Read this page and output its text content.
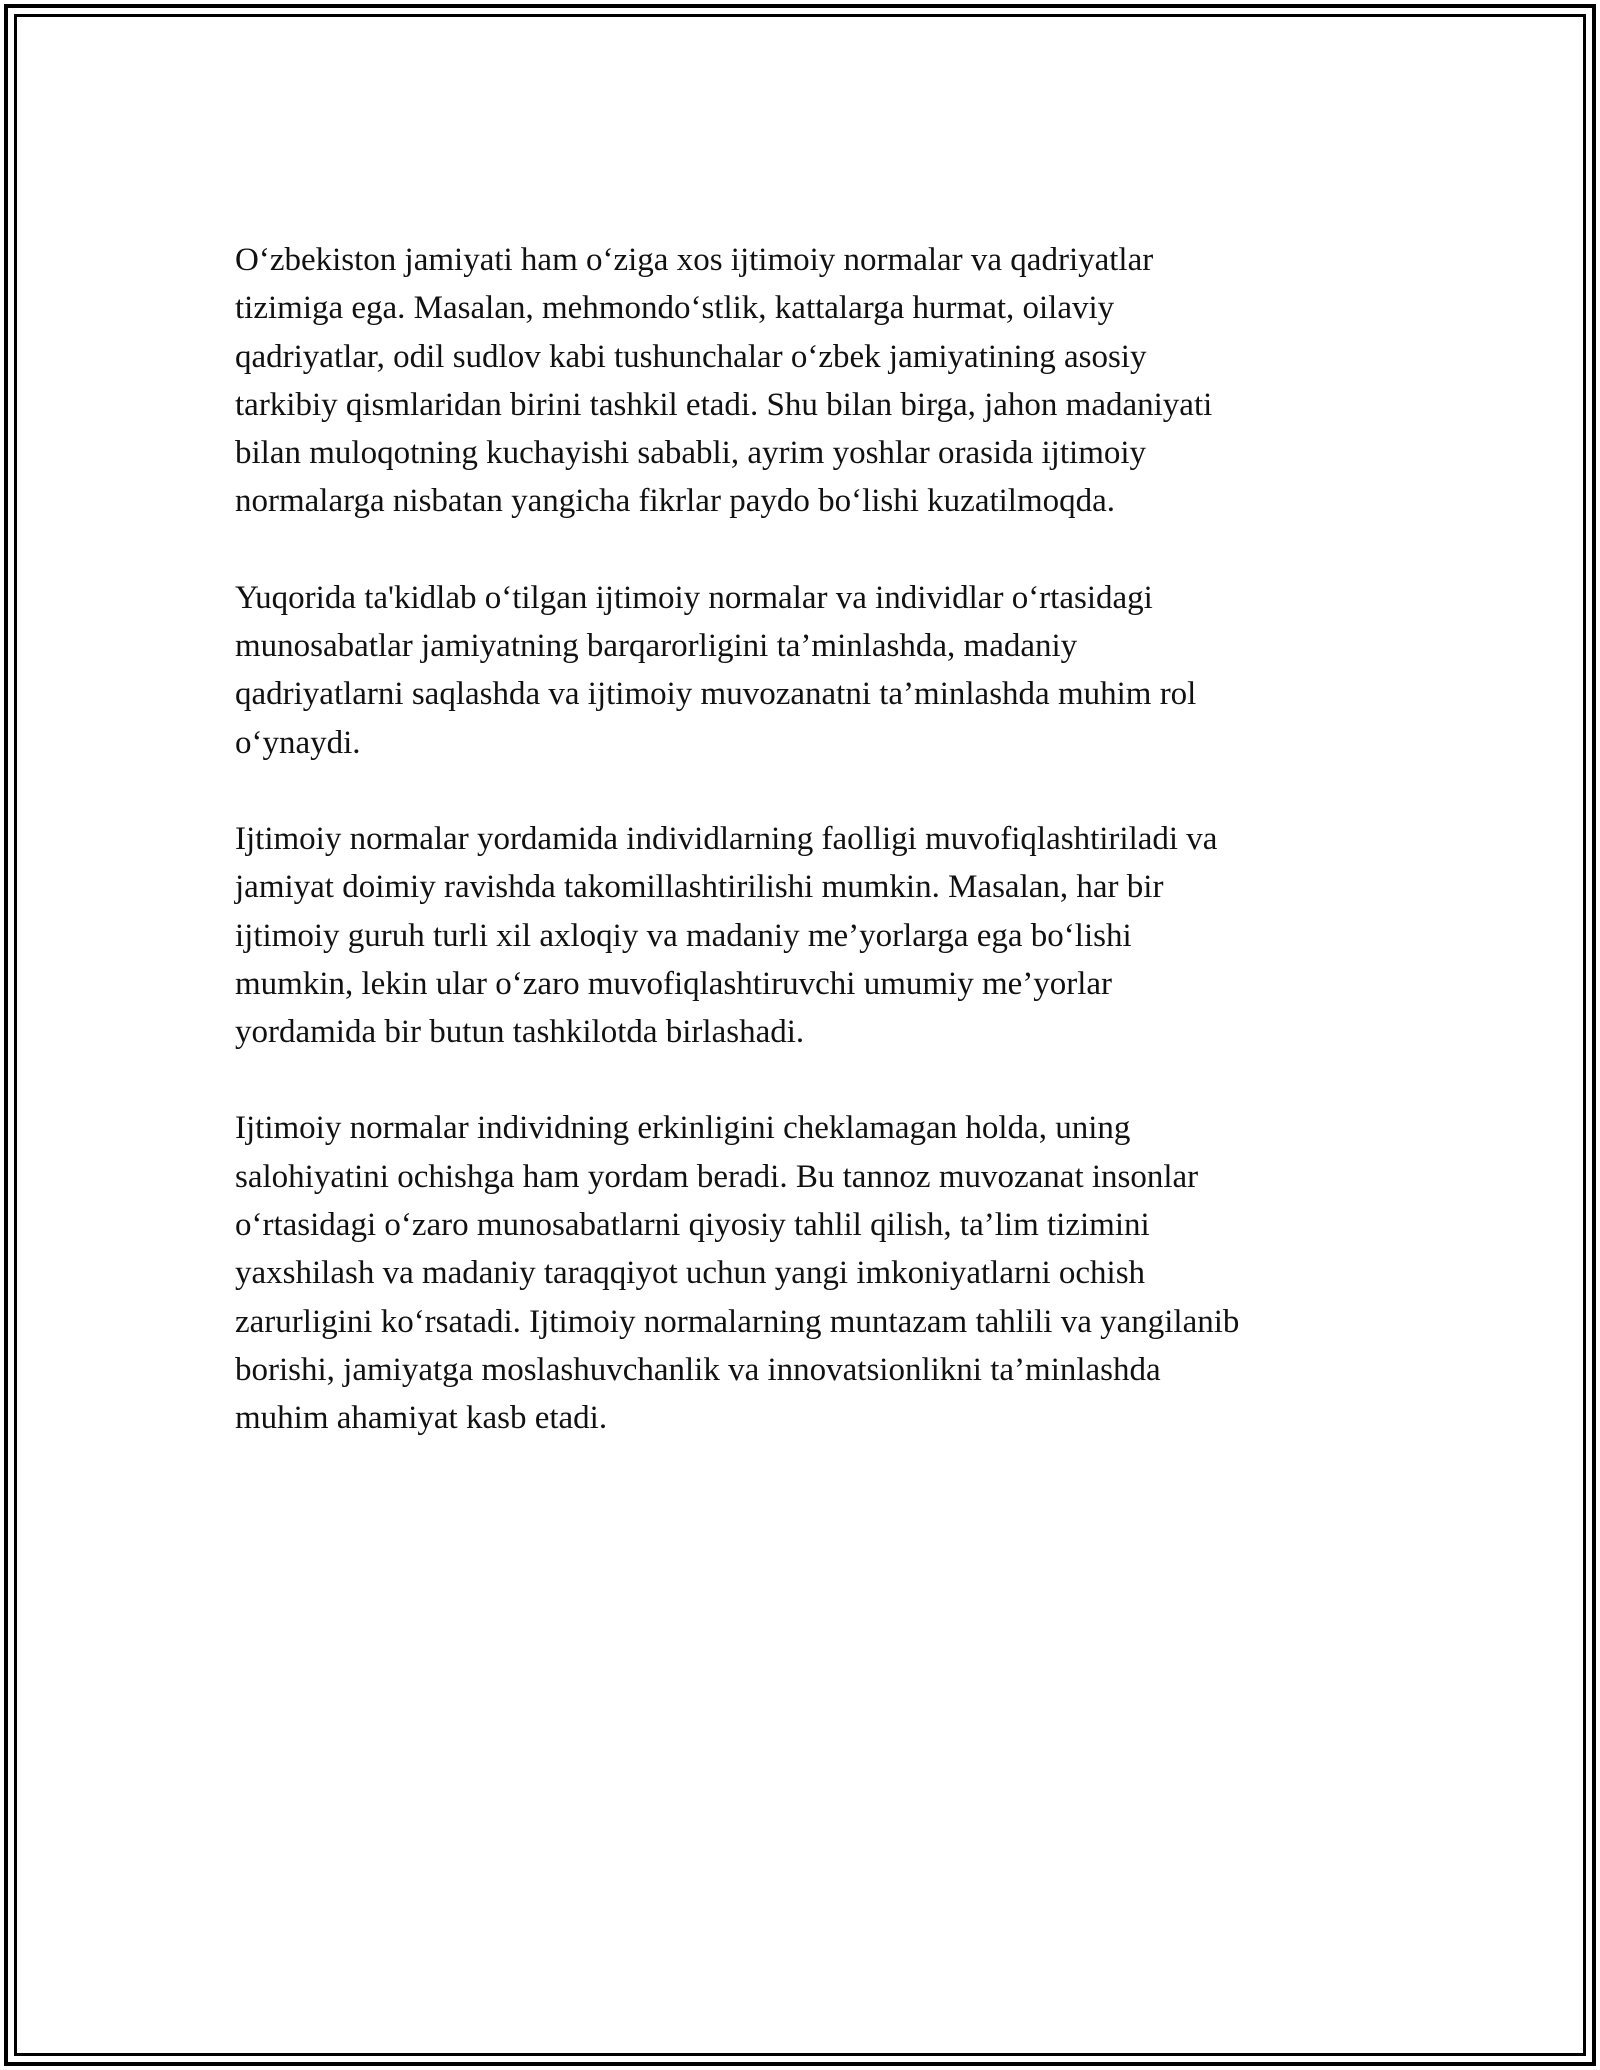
O‘zbekiston jamiyati ham o‘ziga xos ijtimoiy normalar va qadriyatlar
tizimiga ega. Masalan, mehmondo‘stlik, kattalarga hurmat, oilaviy
qadriyatlar, odil sudlov kabi tushunchalar o‘zbek jamiyatining asosiy
tarkibiy qismlaridan birini tashkil etadi. Shu bilan birga, jahon madaniyati
bilan muloqotning kuchayishi sababli, ayrim yoshlar orasida ijtimoiy
normalarga nisbatan yangicha fikrlar paydo bo‘lishi kuzatilmoqda.

Yuqorida ta'kidlab o‘tilgan ijtimoiy normalar va individlar o‘rtasidagi
munosabatlar jamiyatning barqarorligini ta’minlashda, madaniy
qadriyatlarni saqlashda va ijtimoiy muvozanatni ta’minlashda muhim rol
o‘ynaydi.

Ijtimoiy normalar yordamida individlarning faolligi muvofiqlashtiriladi va
jamiyat doimiy ravishda takomillashtirilishi mumkin. Masalan, har bir
ijtimoiy guruh turli xil axloqiy va madaniy me’yorlarga ega bo‘lishi
mumkin, lekin ular o‘zaro muvofiqlashtiruvchi umumiy me’yorlar
yordamida bir butun tashkilotda birlashadi.

Ijtimoiy normalar individning erkinligini cheklamagan holda, uning
salohiyatini ochishga ham yordam beradi. Bu tannoz muvozanat insonlar
o‘rtasidagi o‘zaro munosabatlarni qiyosiy tahlil qilish, ta’lim tizimini
yaxshilash va madaniy taraqqiyot uchun yangi imkoniyatlarni ochish
zarurligini ko‘rsatadi. Ijtimoiy normalarning muntazam tahlili va yangilanib
borishi, jamiyatga moslashuvchanlik va innovatsionlikni ta’minlashda
muhim ahamiyat kasb etadi.
